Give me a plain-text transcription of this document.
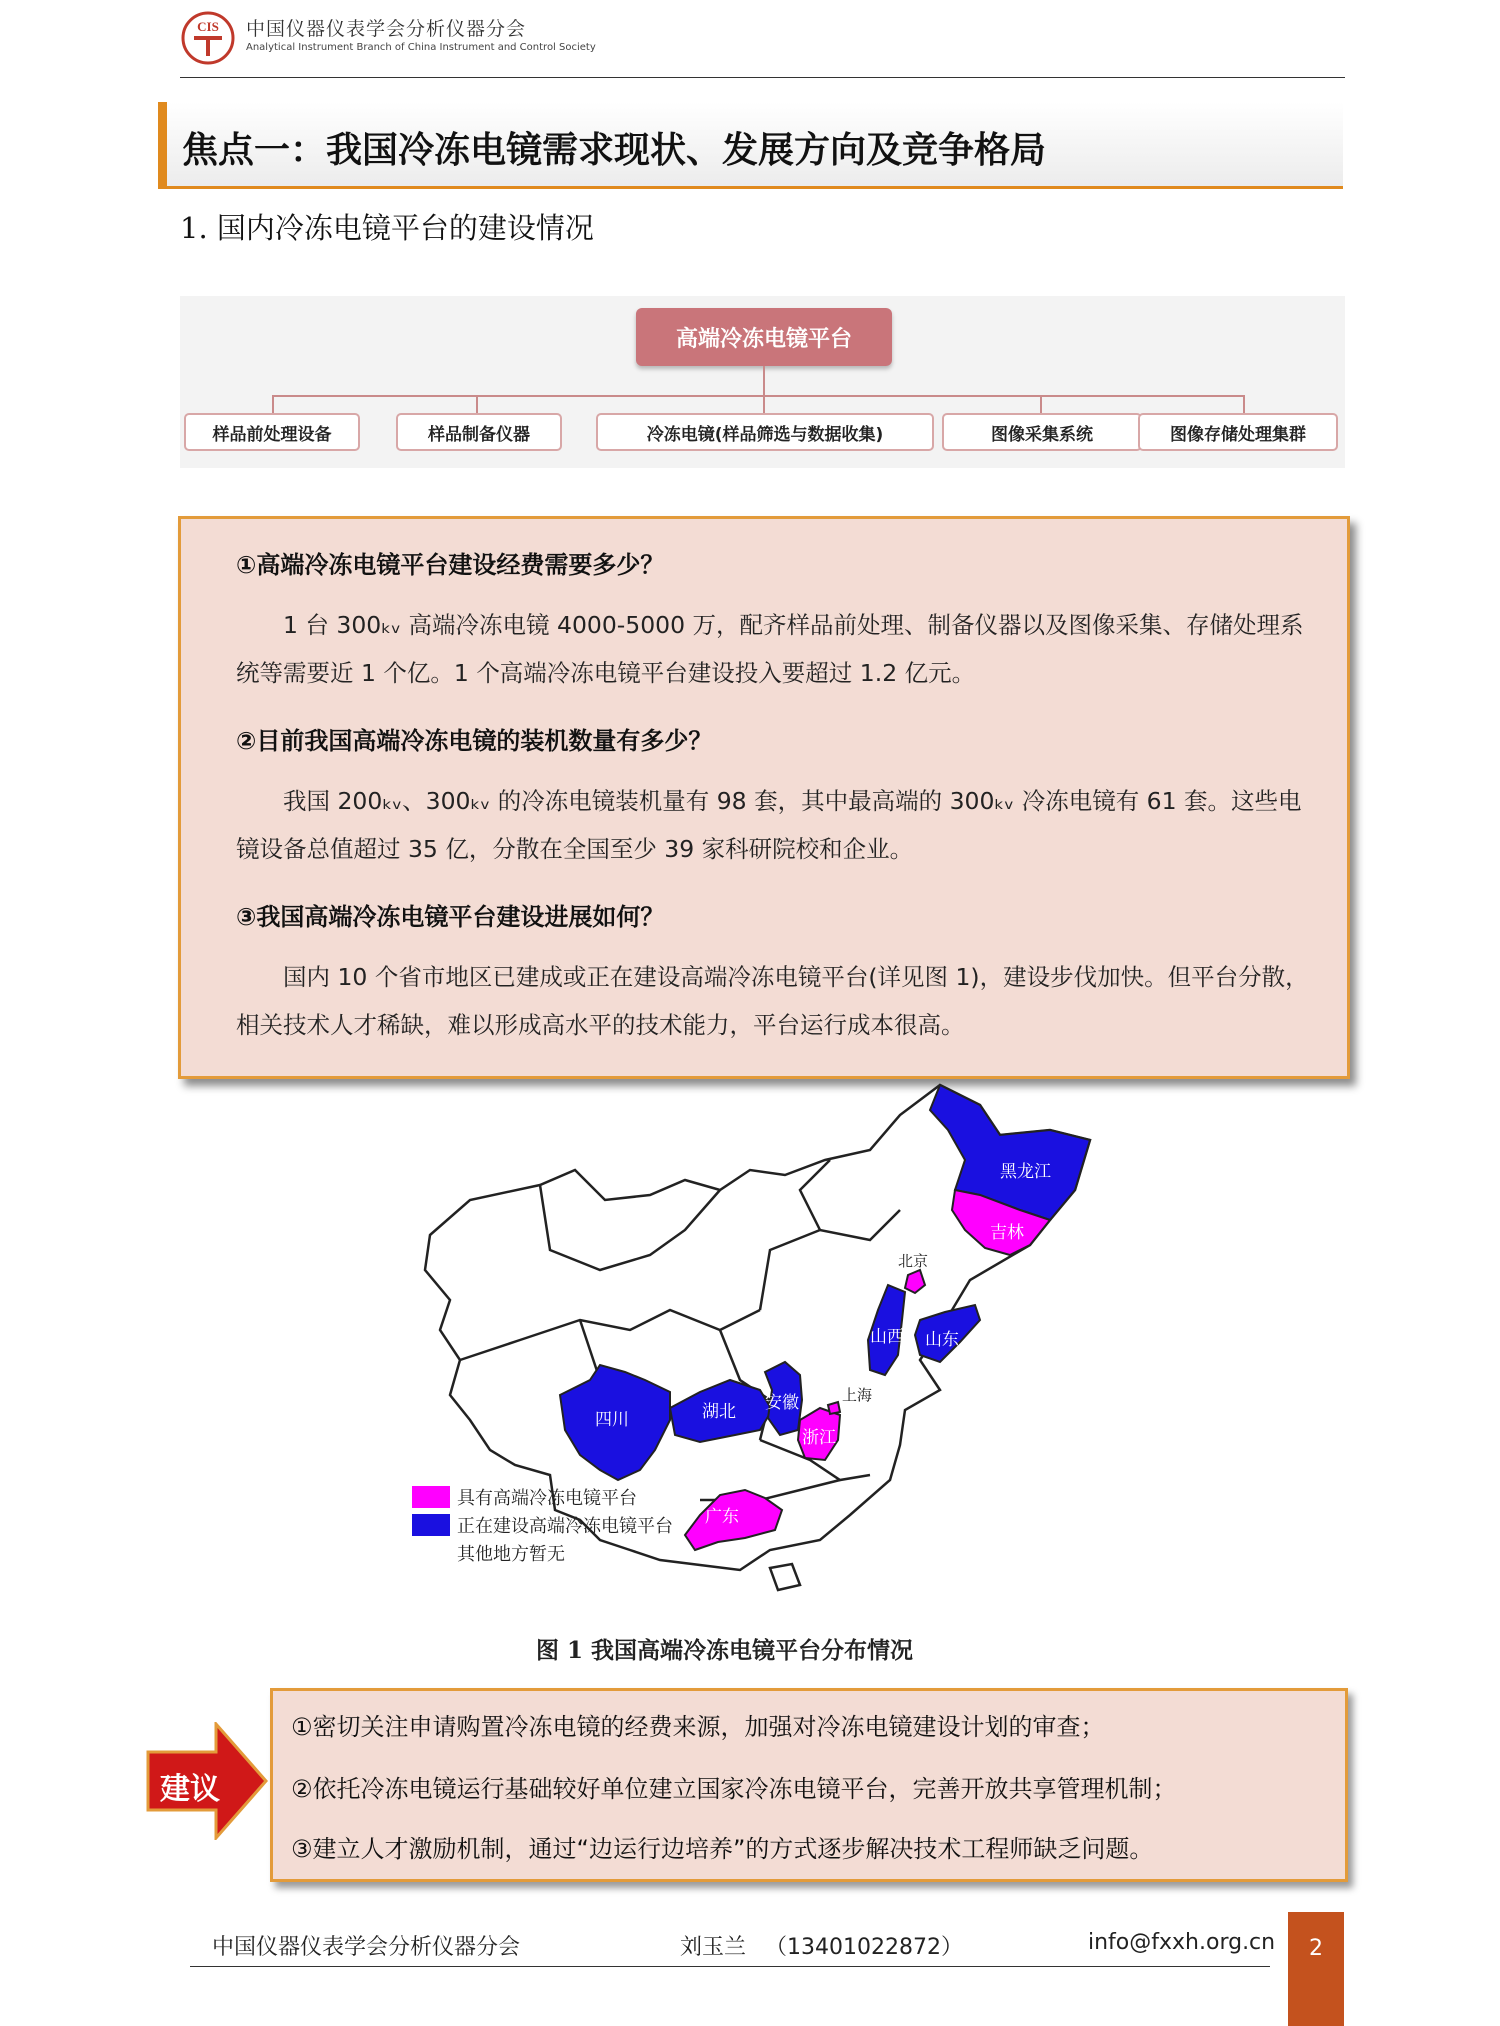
CIS 中国仪器仪表学会分析仪器分会
Analytical Instrument Branch of China Instrument and Control Society
焦点一：我国冷冻电镜需求现状、发展方向及竞争格局
1. 国内冷冻电镜平台的建设情况
高端冷冻电镜平台
样品前处理设备	样品制备仪器	冷冻电镜(样品筛选与数据收集)	图像采集系统	图像存储处理集群
①高端冷冻电镜平台建设经费需要多少？
1 台 300ₖᵥ 高端冷冻电镜 4000-5000 万，配齐样品前处理、制备仪器以及图像采集、存储处理系统等需要近 1 个亿。1 个高端冷冻电镜平台建设投入要超过 1.2 亿元。
②目前我国高端冷冻电镜的装机数量有多少？
我国 200ₖᵥ、300ₖᵥ 的冷冻电镜装机量有 98 套，其中最高端的 300ₖᵥ 冷冻电镜有 61 套。这些电镜设备总值超过 35 亿，分散在全国至少 39 家科研院校和企业。
③我国高端冷冻电镜平台建设进展如何？
国内 10 个省市地区已建成或正在建设高端冷冻电镜平台(详见图 1)，建设步伐加快。但平台分散，相关技术人才稀缺，难以形成高水平的技术能力，平台运行成本很高。
黑龙江
吉林
山西 山东
四川	湖北 安徽
浙江
广东
北京
上海
具有高端冷冻电镜平台
正在建设高端冷冻电镜平台
其他地方暂无
图 1 我国高端冷冻电镜平台分布情况
建议
①密切关注申请购置冷冻电镜的经费来源，加强对冷冻电镜建设计划的审查；
②依托冷冻电镜运行基础较好单位建立国家冷冻电镜平台，完善开放共享管理机制；
③建立人才激励机制，通过“边运行边培养”的方式逐步解决技术工程师缺乏问题。
中国仪器仪表学会分析仪器分会	刘玉兰 （13401022872）	info@fxxh.org.cn	2
